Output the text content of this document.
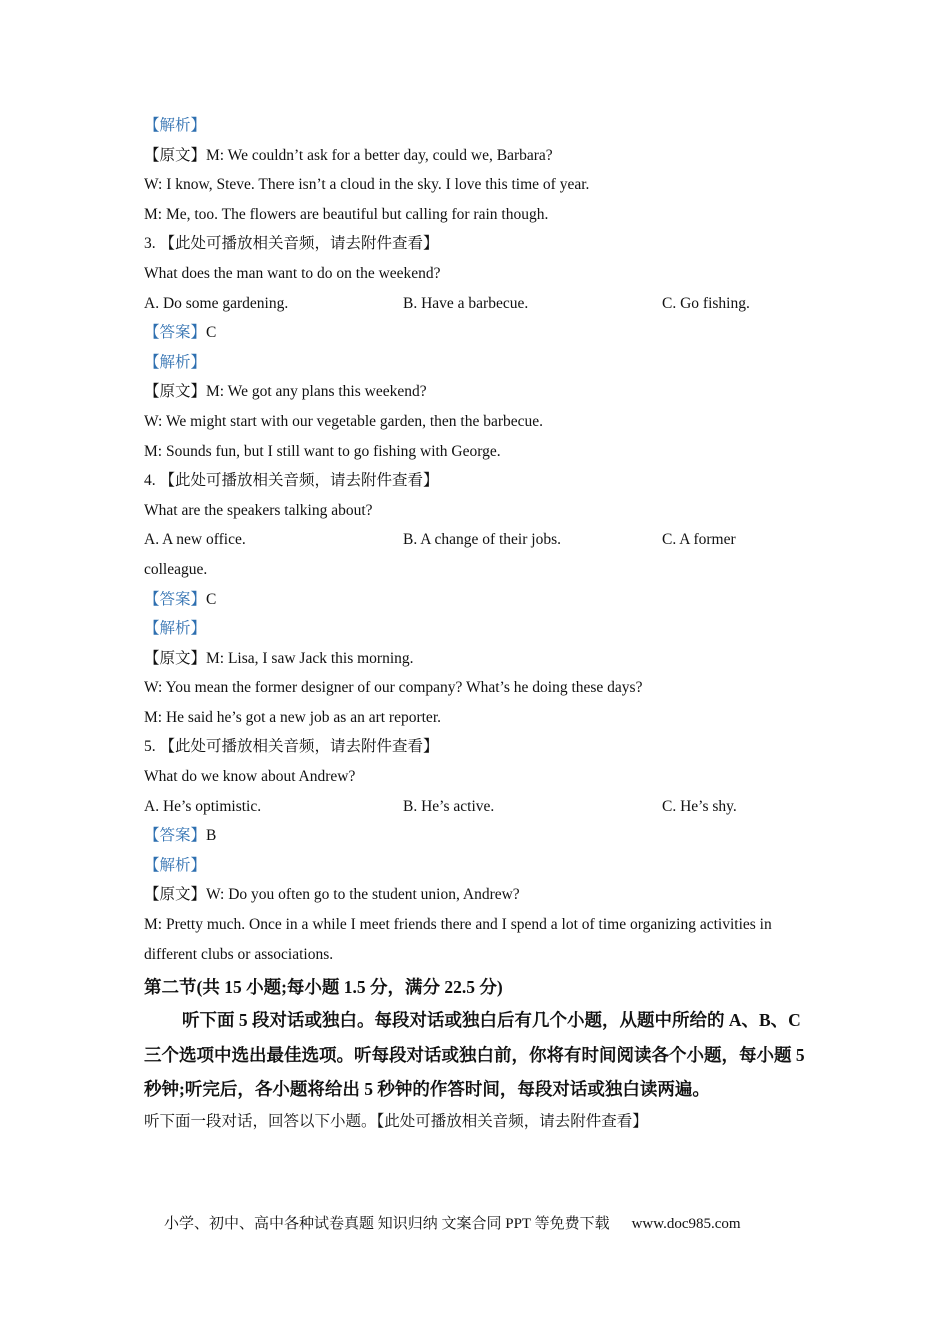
【解析】
【原文】M: We couldn’t ask for a better day, could we, Barbara?
W: I know, Steve. There isn’t a cloud in the sky. I love this time of year.
M: Me, too. The flowers are beautiful but calling for rain though.
3. 【此处可播放相关音频，请去附件查看】
What does the man want to do on the weekend?
A. Do some gardening.	B. Have a barbecue.	C. Go fishing.
【答案】C
【解析】
【原文】M: We got any plans this weekend?
W: We might start with our vegetable garden, then the barbecue.
M: Sounds fun, but I still want to go fishing with George.
4. 【此处可播放相关音频，请去附件查看】
What are the speakers talking about?
A. A new office.	B. A change of their jobs.	C. A former
colleague.
【答案】C
【解析】
【原文】M: Lisa, I saw Jack this morning.
W: You mean the former designer of our company? What’s he doing these days?
M: He said he’s got a new job as an art reporter.
5. 【此处可播放相关音频，请去附件查看】
What do we know about Andrew?
A. He’s optimistic.	B. He’s active.	C. He’s shy.
【答案】B
【解析】
【原文】W: Do you often go to the student union, Andrew?
M: Pretty much. Once in a while I meet friends there and I spend a lot of time organizing activities in different clubs or associations.
第二节(共 15 小题;每小题 1.5 分，满分 22.5 分)
听下面 5 段对话或独白。每段对话或独白后有几个小题，从题中所给的 A、B、C 三个选项中选出最佳选项。听每段对话或独白前，你将有时间阅读各个小题，每小题 5 秒钟;听完后，各小题将给出 5 秒钟的作答时间，每段对话或独白读两遍。
听下面一段对话，回答以下小题。【此处可播放相关音频，请去附件查看】
小学、初中、高中各种试卷真题 知识归纳 文案合同 PPT 等免费下载 www.doc985.com
